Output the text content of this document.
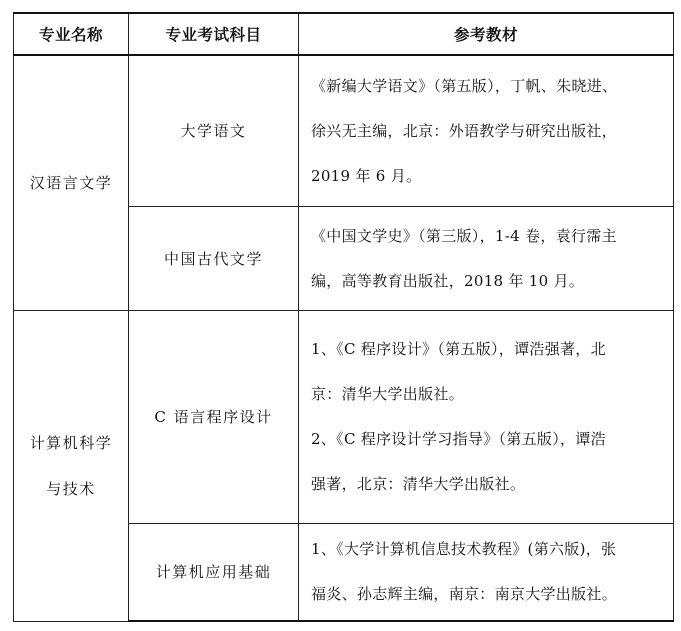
专业名称	专业考试科目	参考教材

汉语言文学	大学语文	《新编大学语文》（第五版），丁帆、朱晓进、
徐兴无主编，北京：外语教学与研究出版社，
2019 年 6 月。

	中国古代文学	《中国文学史》（第三版），1-4 卷，袁行霈主
编，高等教育出版社，2018 年 10 月。

计算机科学
与技术	C 语言程序设计	1、《C 程序设计》（第五版），谭浩强著，北
京：清华大学出版社。
2、《C 程序设计学习指导》（第五版），谭浩
强著，北京：清华大学出版社。

	计算机应用基础	1、《大学计算机信息技术教程》(第六版)，张
福炎、孙志辉主编，南京：南京大学出版社。
